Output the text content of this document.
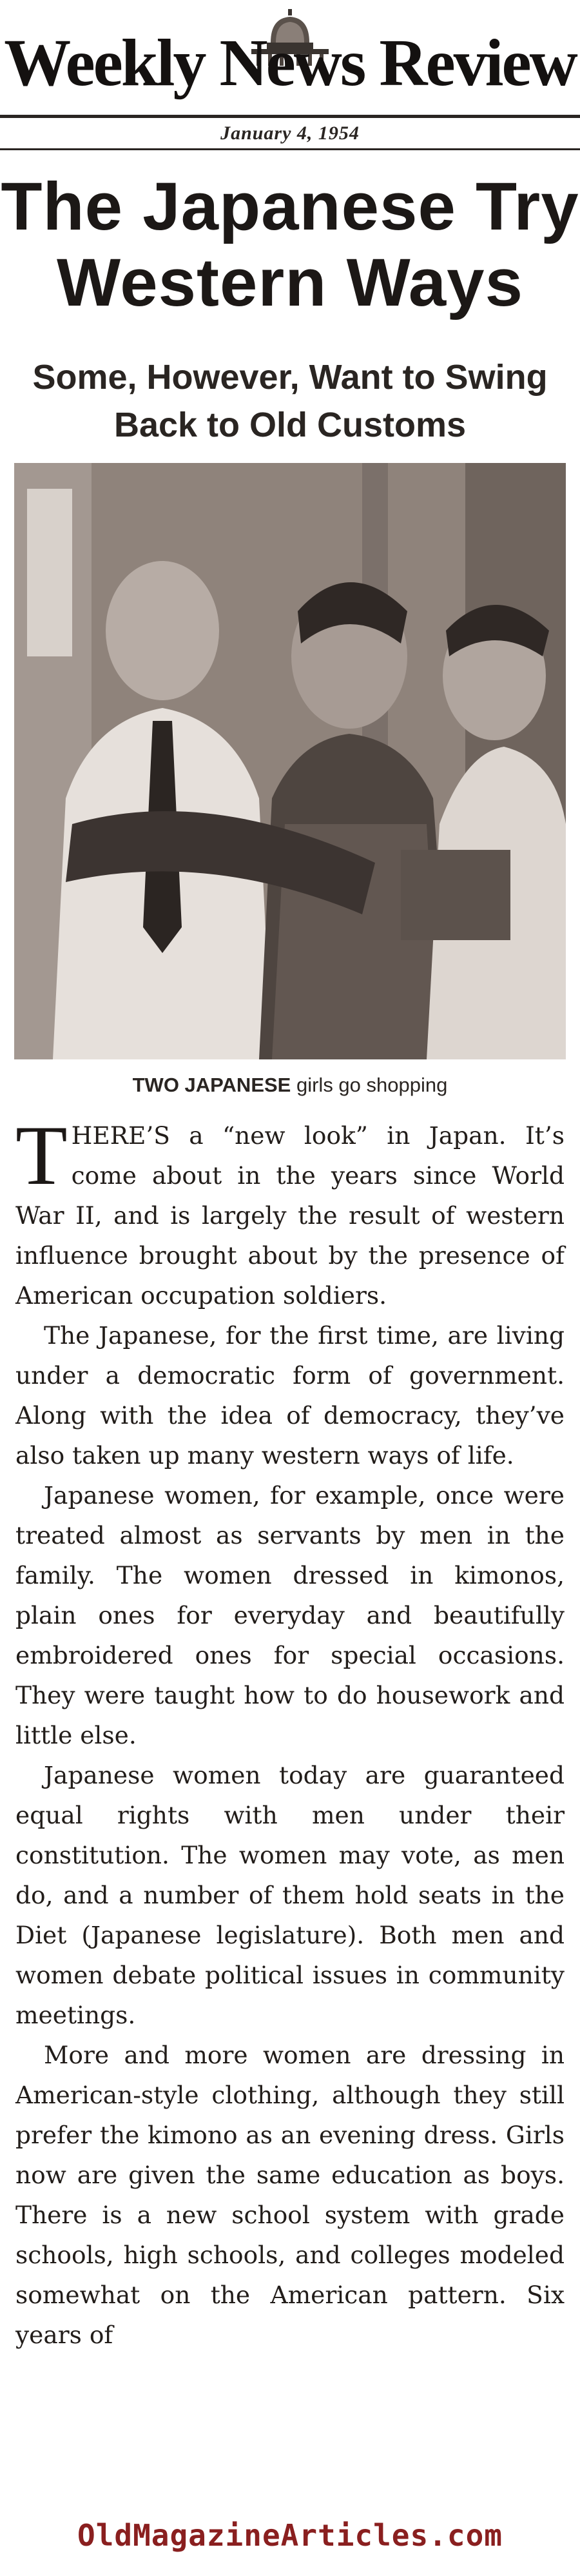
Weekly News Review
January 4, 1954
The Japanese Try Western Ways
Some, However, Want to Swing Back to Old Customs
TWO JAPANESE girls go shopping

THERE’S a “new look” in Japan. It’s come about in the years since World War II, and is largely the result of western influence brought about by the presence of American occupation soldiers.

The Japanese, for the first time, are living under a democratic form of government. Along with the idea of democracy, they’ve also taken up many western ways of life.

Japanese women, for example, once were treated almost as servants by men in the family. The women dressed in kimonos, plain ones for everyday and beautifully embroidered ones for special occasions. They were taught how to do housework and little else.

Japanese women today are guaranteed equal rights with men under their constitution. The women may vote, as men do, and a number of them hold seats in the Diet (Japanese legislature). Both men and women debate political issues in community meetings.

More and more women are dressing in American-style clothing, although they still prefer the kimono as an evening dress. Girls now are given the same education as boys. There is a new school system with grade schools, high schools, and colleges modeled somewhat on the American pattern. Six years of

OldMagazineArticles.com
